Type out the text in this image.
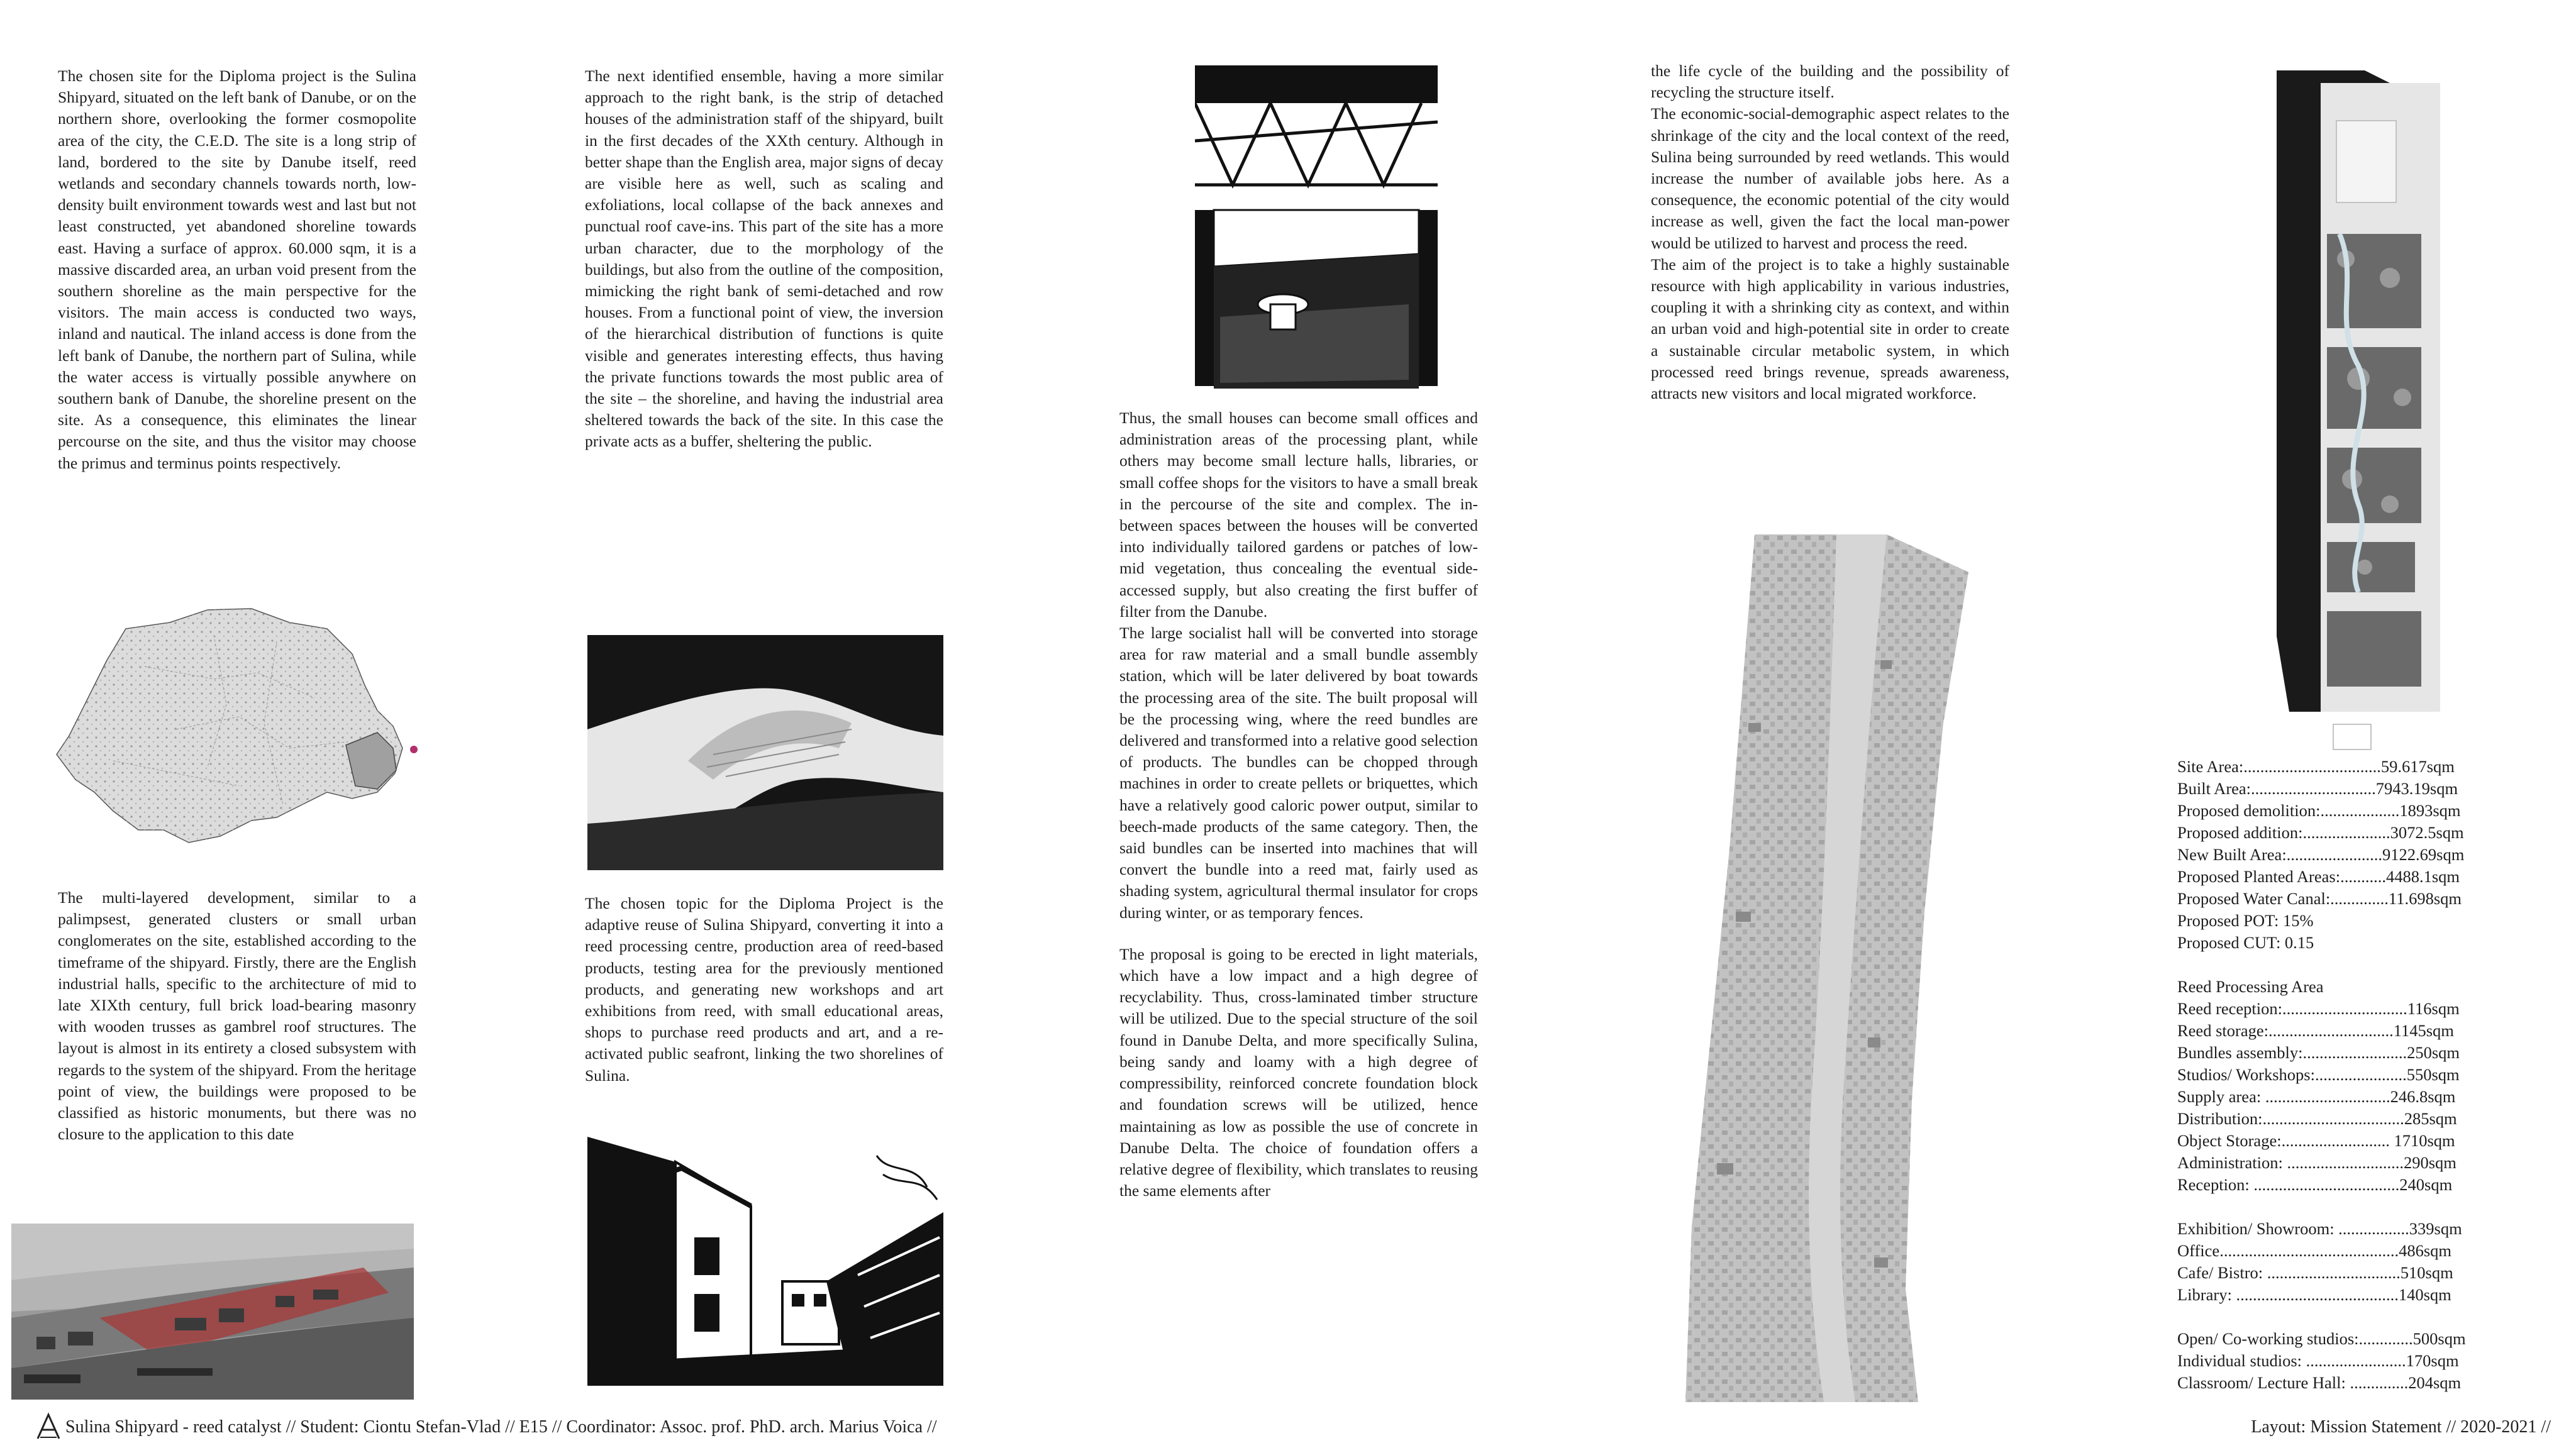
The chosen site for the Diploma project is the Sulina Shipyard, situated on the left bank of Danube, or on the northern shore, overlooking the former cosmopolite area of the city, the C.E.D. The site is a long strip of land, bordered to the site by Danube itself, reed wetlands and secondary channels towards north, low-density built environment towards west and last but not least constructed, yet abandoned shoreline towards east. Having a surface of approx. 60.000 sqm, it is a massive discarded area, an urban void present from the southern shoreline as the main perspective for the visitors. The main access is conducted two ways, inland and nautical. The inland access is done from the left bank of Danube, the northern part of Sulina, while the water access is virtually possible anywhere on southern bank of Danube, the shoreline present on the site. As a consequence, this eliminates the linear percourse on the site, and thus the visitor may choose the primus and terminus points respectively.

The multi-layered development, similar to a palimpsest, generated clusters or small urban conglomerates on the site, established according to the timeframe of the shipyard. Firstly, there are the English industrial halls, specific to the architecture of mid to late XIXth century, full brick load-bearing masonry with wooden trusses as gambrel roof structures. The layout is almost in its entirety a closed subsystem with regards to the system of the shipyard. From the heritage point of view, the buildings were proposed to be classified as historic monuments, but there was no closure to the application to this date

The next identified ensemble, having a more similar approach to the right bank, is the strip of detached houses of the administration staff of the shipyard, built in the first decades of the XXth century. Although in better shape than the English area, major signs of decay are visible here as well, such as scaling and exfoliations, local collapse of the back annexes and punctual roof cave-ins. This part of the site has a more urban character, due to the morphology of the buildings, but also from the outline of the composition, mimicking the right bank of semi-detached and row houses. From a functional point of view, the inversion of the hierarchical distribution of functions is quite visible and generates interesting effects, thus having the private functions towards the most public area of the site – the shoreline, and having the industrial area sheltered towards the back of the site. In this case the private acts as a buffer, sheltering the public.

The chosen topic for the Diploma Project is the adaptive reuse of Sulina Shipyard, converting it into a reed processing centre, production area of reed-based products, testing area for the previously mentioned products, and generating new workshops and art exhibitions from reed, with small educational areas, shops to purchase reed products and art, and a re-activated public seafront, linking the two shorelines of Sulina.

Thus, the small houses can become small offices and administration areas of the processing plant, while others may become small lecture halls, libraries, or small coffee shops for the visitors to have a small break in the percourse of the site and complex. The in-between spaces between the houses will be converted into individually tailored gardens or patches of low-mid vegetation, thus concealing the eventual side-accessed supply, but also creating the first buffer of filter from the Danube.

The large socialist hall will be converted into storage area for raw material and a small bundle assembly station, which will be later delivered by boat towards the processing area of the site. The built proposal will be the processing wing, where the reed bundles are delivered and transformed into a relative good selection of products. The bundles can be chopped through machines in order to create pellets or briquettes, which have a relatively good caloric power output, similar to beech-made products of the same category. Then, the said bundles can be inserted into machines that will convert the bundle into a reed mat, fairly used as shading system, agricultural thermal insulator for crops during winter, or as temporary fences.

The proposal is going to be erected in light materials, which have a low impact and a high degree of recyclability. Thus, cross-laminated timber structure will be utilized. Due to the special structure of the soil found in Danube Delta, and more specifically Sulina, being sandy and loamy with a high degree of compressibility, reinforced concrete foundation block and foundation screws will be utilized, hence maintaining as low as possible the use of concrete in Danube Delta. The choice of foundation offers a relative degree of flexibility, which translates to reusing the same elements after

the life cycle of the building and the possibility of recycling the structure itself.

The economic-social-demographic aspect relates to the shrinkage of the city and the local context of the reed, Sulina being surrounded by reed wetlands. This would increase the number of available jobs here. As a consequence, the economic potential of the city would increase as well, given the fact the local man-power would be utilized to harvest and process the reed.

The aim of the project is to take a highly sustainable resource with high applicability in various industries, coupling it with a shrinking city as context, and within an urban void and high-potential site in order to create a sustainable circular metabolic system, in which processed reed brings revenue, spreads awareness, attracts new visitors and local migrated workforce.

Site Area:.................................59.617sqm
Built Area:..............................7943.19sqm
Proposed demolition:...................1893sqm
Proposed addition:.....................3072.5sqm
New Built Area:.......................9122.69sqm
Proposed Planted Areas:...........4488.1sqm
Proposed Water Canal:..............11.698sqm
Proposed POT: 15%
Proposed CUT: 0.15
Reed Processing Area
Reed reception:..............................116sqm
Reed storage:..............................1145sqm
Bundles assembly:.........................250sqm
Studios/ Workshops:......................550sqm
Supply area: ..............................246.8sqm
Distribution:..................................285sqm
Object Storage:.......................... 1710sqm
Administration: ............................290sqm
Reception: ...................................240sqm
Exhibition/ Showroom: .................339sqm
Office...........................................486sqm
Cafe/ Bistro: ................................510sqm
Library: .......................................140sqm
Open/ Co-working studios:.............500sqm
Individual studios: ........................170sqm
Classroom/ Lecture Hall: ..............204sqm
Sulina Shipyard - reed catalyst // Student: Ciontu Stefan-Vlad // E15 // Coordinator: Assoc. prof. PhD. arch. Marius Voica //	Layout: Mission Statement // 2020-2021 //
